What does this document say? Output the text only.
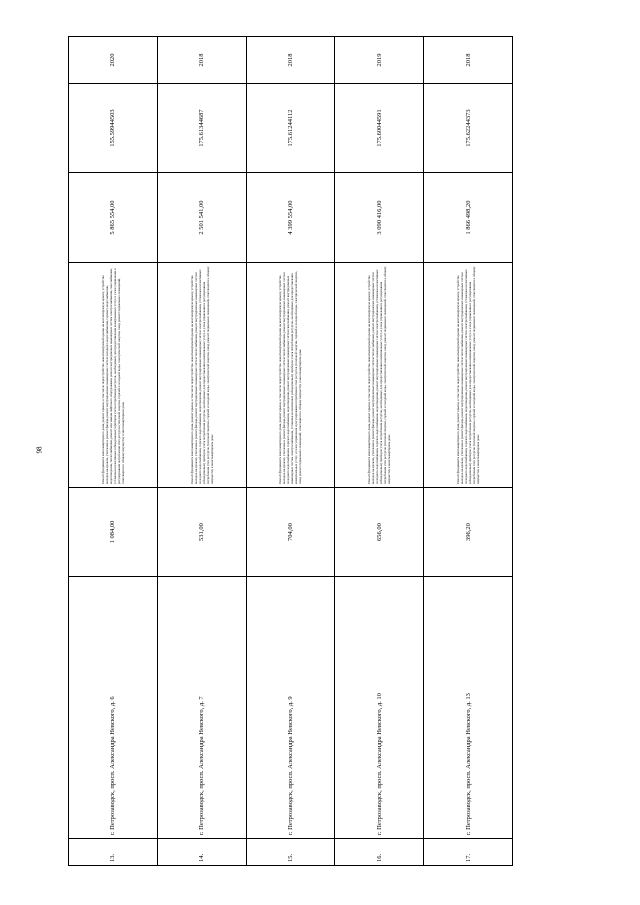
98
13.	г. Петрозаводск, просп. Александра Невского, д. 6	1 084,00	Ремонт фундамента многоквартирного дома, ремонт крыши, в том числе переустройство невентилируемой крыши на вентилируемую крышу, устройство выходов на кровлю, утепление и ремонт фасада, ремонт внутридомовых инженерных систем холодного водоснабжения, горячего водоснабжения, водоотведения, теплоснабжения, ремонт или замена лифтового оборудования, ремонт внутридомовых инженерных систем электроснабжения, газоснабжения, установка коллективных (общедомовых) приборов учета потребления ресурсов, необходимых для предоставления коммунальных услуг, и узлов управления и регулирования потребления этих ресурсов (тепловой энергии, горячей и холодной воды, электрической энергии, газа), ремонт подвальных помещений, относящихся к общему имуществу в многоквартирном доме	5 865 554,00	155.59944503	2020
14.	г. Петрозаводск, просп. Александра Невского, д. 7	531,00	Ремонт фундамента многоквартирного дома, ремонт крыши, в том числе переустройство невентилируемой крыши на вентилируемую крышу, устройство выходов на кровлю, утепление и ремонт фасада, ремонт внутридомовых инженерных систем теплоснабжения, ремонт внутридомовых инженерных систем холодного водоснабжения, горячего водоснабжения, водоотведения, ремонт внутридомовых инженерных систем электроснабжения, установка коллективных (общедомовых) приборов учета потребления ресурсов, необходимых для предоставления коммунальных услуг, и узлов управления и регулирования потребления этих ресурсов (тепловой энергии, горячей и холодной воды, электрической энергии, газа), ремонт подвальных помещений, относящихся к общему имуществу в многоквартирном доме	2 501 541,00	175.61344687	2018
15.	г. Петрозаводск, просп. Александра Невского, д. 9	704,00	Ремонт фундамента многоквартирного дома, ремонт крыши, в том числе переустройство невентилируемой крыши на вентилируемую крышу, устройство выходов на кровлю, утепление и ремонт фасада, ремонт внутридомовых инженерных систем теплоснабжения, ремонт внутридомовых инженерных систем холодного водоснабжения, горячего водоснабжения, водоотведения, ремонт внутридомовых инженерных систем газоснабжения, ремонт внутридомовых инженерных систем электроснабжения, установка коллективных (общедомовых) приборов учета потребления ресурсов, необходимых для предоставления коммунальных услуг, и узлов управления и регулирования потребления этих ресурсов (тепловой энергии, горячей и холодной воды, электрической энергии, газа), ремонт подвальных помещений, относящихся к общему имуществу в многоквартирном доме	4 399 554,00	175.61244112	2018
16.	г. Петрозаводск, просп. Александра Невского, д. 10	656,00	Ремонт фундамента многоквартирного дома, ремонт крыши, в том числе переустройство невентилируемой крыши на вентилируемую крышу, устройство выходов на кровлю, утепление и ремонт фасада, ремонт внутридомовых инженерных систем теплоснабжения, ремонт внутридомовых инженерных систем холодного водоснабжения, горячего водоснабжения, водоотведения, ремонт внутридомовых инженерных систем электроснабжения, установка коллективных (общедомовых) приборов учета потребления ресурсов, необходимых для предоставления коммунальных услуг, и узлов управления и регулирования потребления этих ресурсов (тепловой энергии, горячей и холодной воды, электрической энергии, газа), ремонт подвальных помещений, относящихся к общему имуществу в многоквартирном доме	3 090 416,00	175.60044591	2019
17.	г. Петрозаводск, просп. Александра Невского, д. 13	396,20	Ремонт фундамента многоквартирного дома, ремонт крыши, в том числе переустройство невентилируемой крыши на вентилируемую крышу, устройство выходов на кровлю, утепление и ремонт фасада, ремонт внутридомовых инженерных систем теплоснабжения, ремонт внутридомовых инженерных систем холодного водоснабжения, горячего водоснабжения, водоотведения, ремонт внутридомовых инженерных систем электроснабжения, установка коллективных (общедомовых) приборов учета потребления ресурсов, необходимых для предоставления коммунальных услуг, и узлов управления и регулирования потребления этих ресурсов (тепловой энергии, горячей и холодной воды, электрической энергии, газа), ремонт подвальных помещений, относящихся к общему имуществу в многоквартирном доме	1 866 498,20	175.62244373	2018
